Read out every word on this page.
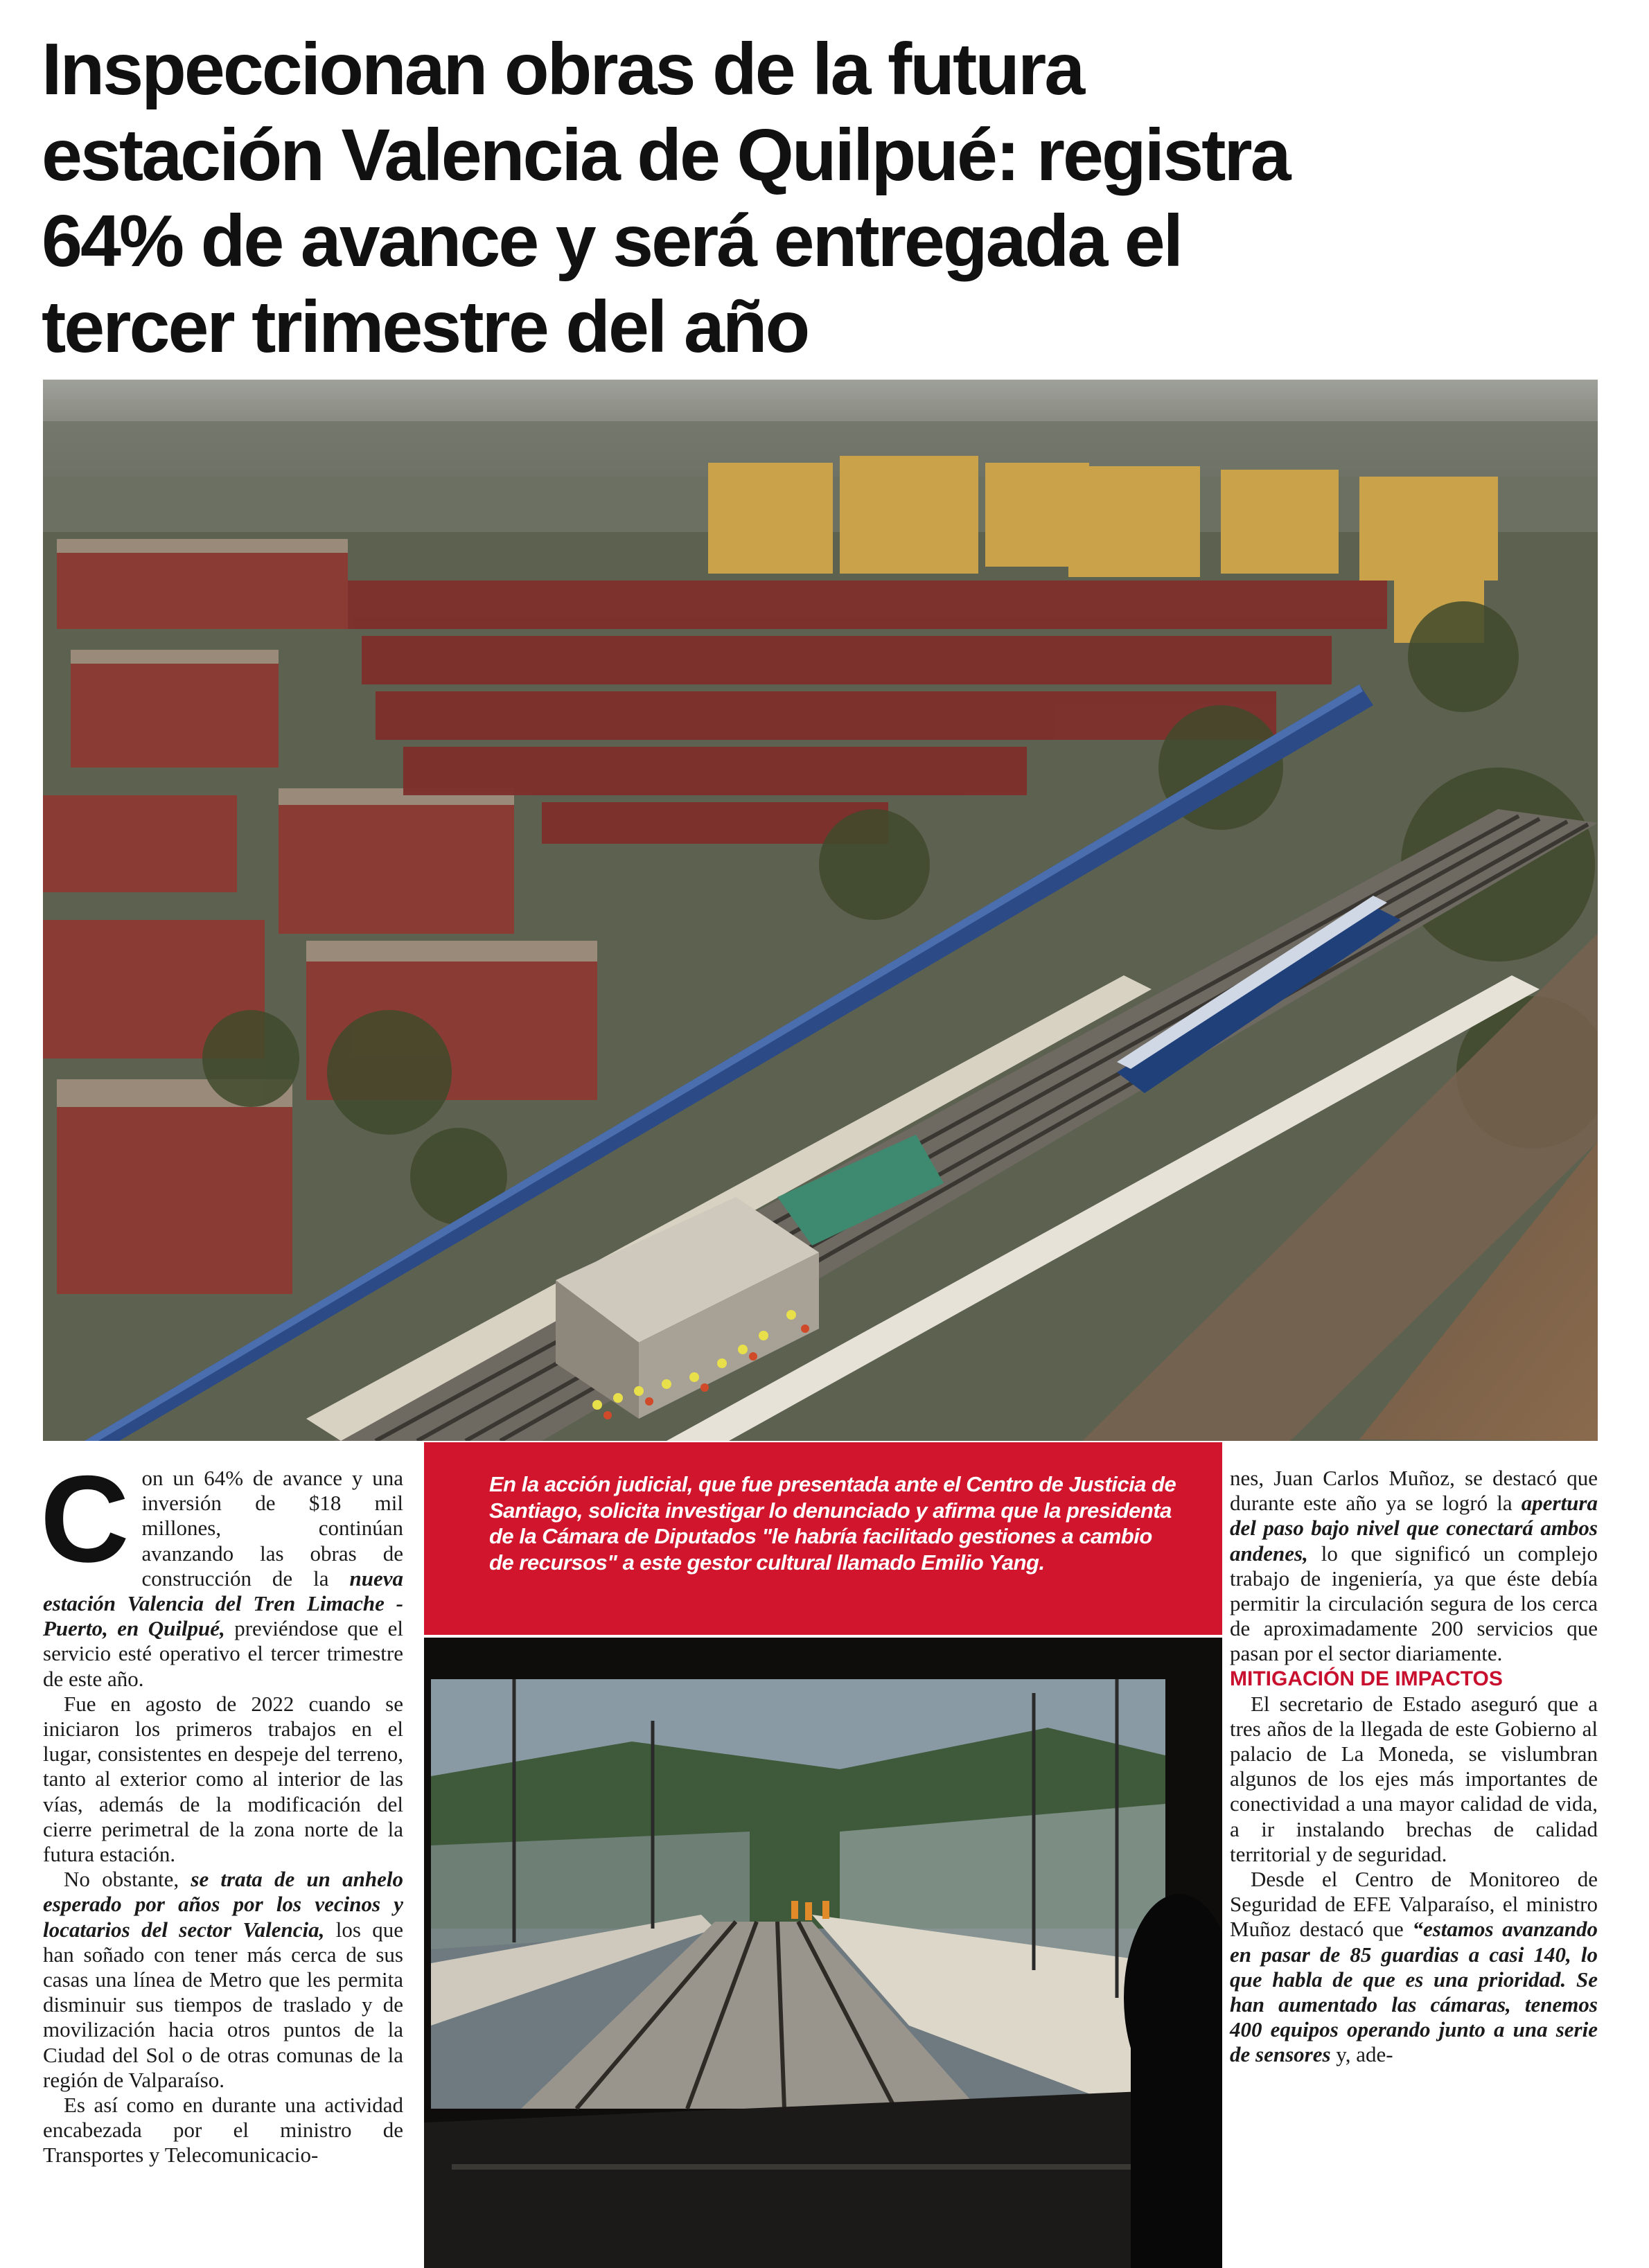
Inspeccionan obras de la futura
estación Valencia de Quilpué: registra
64% de avance y será entregada el
tercer trimestre del año

Con un 64% de avance y una inversión de $18 mil millones, continúan avanzando las obras de construcción de la nueva estación Valencia del Tren Limache - Puerto, en Quilpué, previéndose que el servicio esté operativo el tercer trimestre de este año.

Fue en agosto de 2022 cuando se iniciaron los primeros trabajos en el lugar, consistentes en despeje del terreno, tanto al exterior como al interior de las vías, además de la modificación del cierre perimetral de la zona norte de la futura estación.

No obstante, se trata de un anhelo esperado por años por los vecinos y locatarios del sector Valencia, los que han soñado con tener más cerca de sus casas una línea de Metro que les permita disminuir sus tiempos de traslado y de movilización hacia otros puntos de la Ciudad del Sol o de otras comunas de la región de Valparaíso.

Es así como en durante una actividad encabezada por el ministro de Transportes y Telecomunicacio-

En la acción judicial, que fue presentada ante el Centro de Justicia de Santiago, solicita investigar lo denunciado y afirma que la presidenta de la Cámara de Diputados "le habría facilitado gestiones a cambio de recursos" a este gestor cultural llamado Emilio Yang.

nes, Juan Carlos Muñoz, se destacó que durante este año ya se logró la apertura del paso bajo nivel que conectará ambos andenes, lo que significó un complejo trabajo de ingeniería, ya que éste debía permitir la circulación segura de los cerca de aproximadamente 200 servicios que pasan por el sector diariamente.

MITIGACIÓN DE IMPACTOS

El secretario de Estado aseguró que a tres años de la llegada de este Gobierno al palacio de La Moneda, se vislumbran algunos de los ejes más importantes de conectividad a una mayor calidad de vida, a ir instalando brechas de calidad territorial y de seguridad.

Desde el Centro de Monitoreo de Seguridad de EFE Valparaíso, el ministro Muñoz destacó que “estamos avanzando en pasar de 85 guardias a casi 140, lo que habla de que es una prioridad. Se han aumentado las cámaras, tenemos 400 equipos operando junto a una serie de sensores y, ade-
